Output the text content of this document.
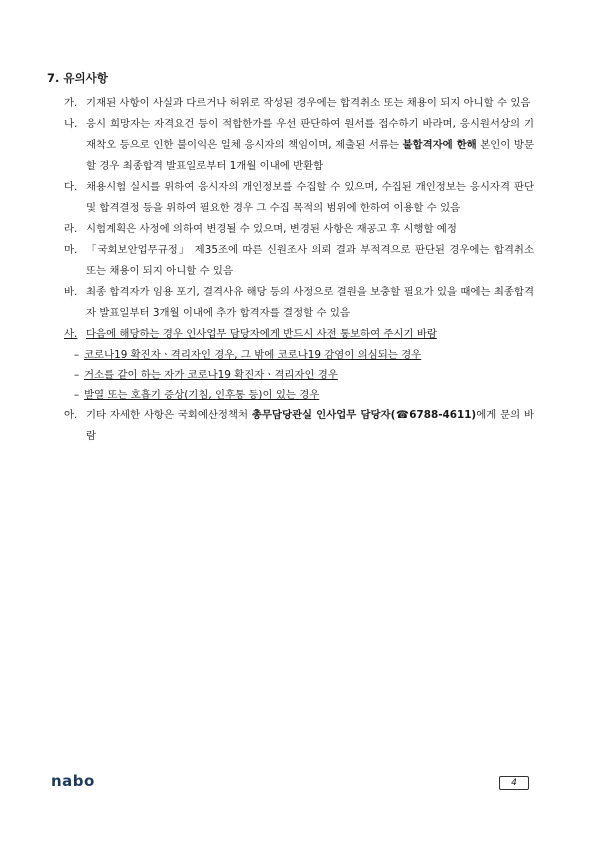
7. 유의사항
가. 기재된 사항이 사실과 다르거나 허위로 작성된 경우에는 합격취소 또는 채용이 되지 아니할 수 있음
나. 응시 희망자는 자격요건 등이 적합한가를 우선 판단하여 원서를 접수하기 바라며, 응시원서상의 기재착오 등으로 인한 불이익은 일체 응시자의 책임이며, 제출된 서류는 불합격자에 한해 본인이 방문할 경우 최종합격 발표일로부터 1개월 이내에 반환함
다. 채용시험 실시를 위하여 응시자의 개인정보를 수집할 수 있으며, 수집된 개인정보는 응시자격 판단 및 합격결정 등을 위하여 필요한 경우 그 수집 목적의 범위에 한하여 이용할 수 있음
라. 시험계획은 사정에 의하여 변경될 수 있으며, 변경된 사항은 재공고 후 시행할 예정
마. 「국회보안업무규정」 제35조에 따른 신원조사 의뢰 결과 부적격으로 판단된 경우에는 합격취소 또는 채용이 되지 아니할 수 있음
바. 최종 합격자가 임용 포기, 결격사유 해당 등의 사정으로 결원을 보충할 필요가 있을 때에는 최종합격자 발표일부터 3개월 이내에 추가 합격자를 결정할 수 있음
사. 다음에 해당하는 경우 인사업무 담당자에게 반드시 사전 통보하여 주시기 바람
– 코로나19 확진자ㆍ격리자인 경우, 그 밖에 코로나19 감염이 의심되는 경우
– 거소를 같이 하는 자가 코로나19 확진자ㆍ격리자인 경우
– 발열 또는 호흡기 증상(기침, 인후통 등)이 있는 경우
아. 기타 자세한 사항은 국회예산정책처 총무담당관실 인사업무 담당자(☎6788-4611)에게 문의 바람
nabo	4
